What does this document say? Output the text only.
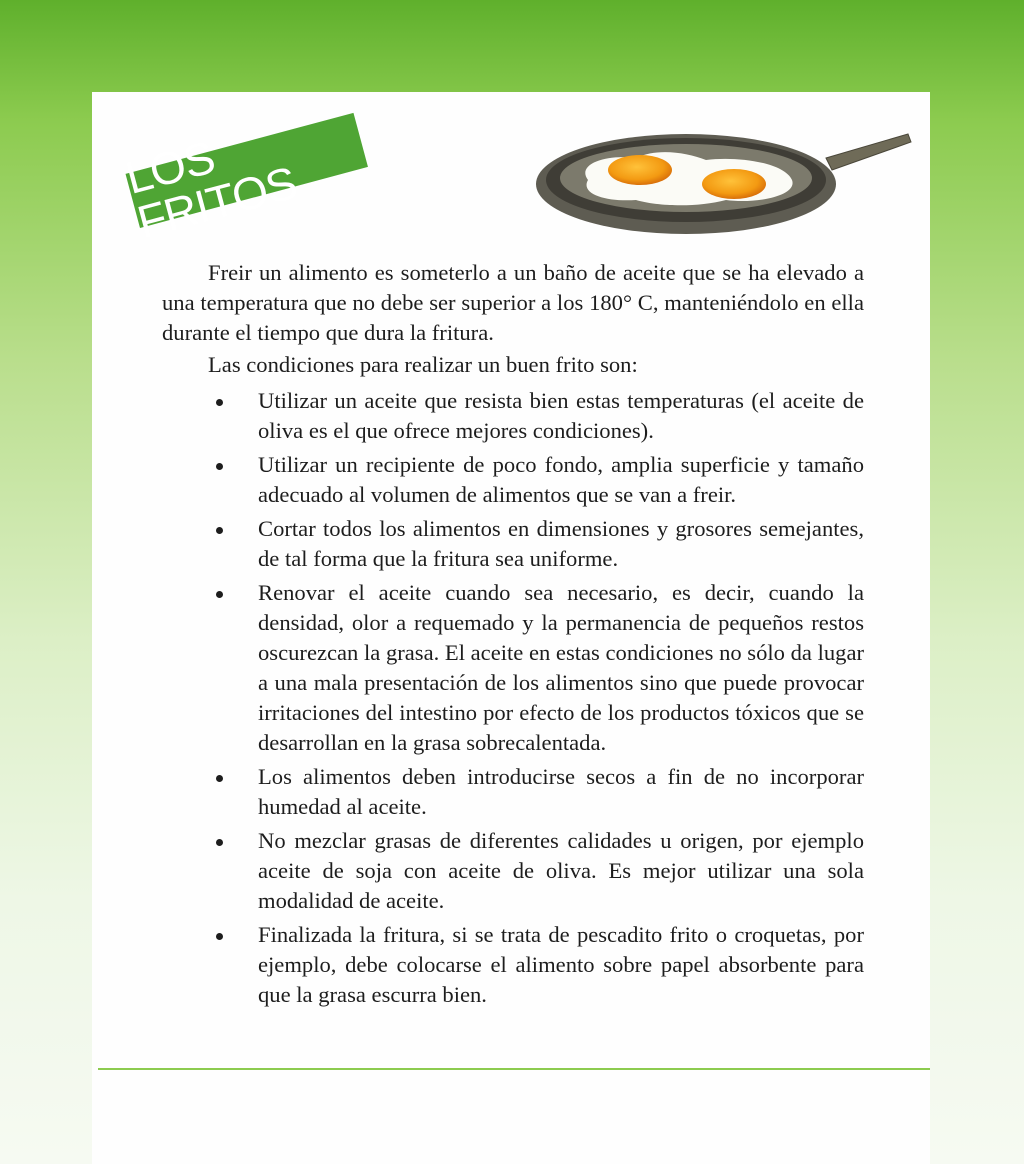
LOS FRITOS

Freir un alimento es someterlo a un baño de aceite que se ha elevado a una temperatura que no debe ser superior a los 180° C, manteniéndolo en ella durante el tiempo que dura la fritura.

Las condiciones para realizar un buen frito son:

Utilizar un aceite que resista bien estas temperaturas (el aceite de oliva es el que ofrece mejores condiciones).
Utilizar un recipiente de poco fondo, amplia superficie y tamaño adecuado al volumen de alimentos que se van a freir.
Cortar todos los alimentos en dimensiones y grosores semejantes, de tal forma que la fritura sea uniforme.
Renovar el aceite cuando sea necesario, es decir, cuando la densidad, olor a requemado y la permanencia de pequeños restos oscurezcan la grasa. El aceite en estas condiciones no sólo da lugar a una mala presentación de los alimentos sino que puede provocar irritaciones del intestino por efecto de los productos tóxicos que se desarrollan en la grasa sobrecalentada.
Los alimentos deben introducirse secos a fin de no incorporar humedad al aceite.
No mezclar grasas de diferentes calidades u origen, por ejemplo aceite de soja con aceite de oliva. Es mejor utilizar una sola modalidad de aceite.
Finalizada la fritura, si se trata de pescadito frito o croquetas, por ejemplo, debe colocarse el alimento sobre papel absorbente para que la grasa escurra bien.
